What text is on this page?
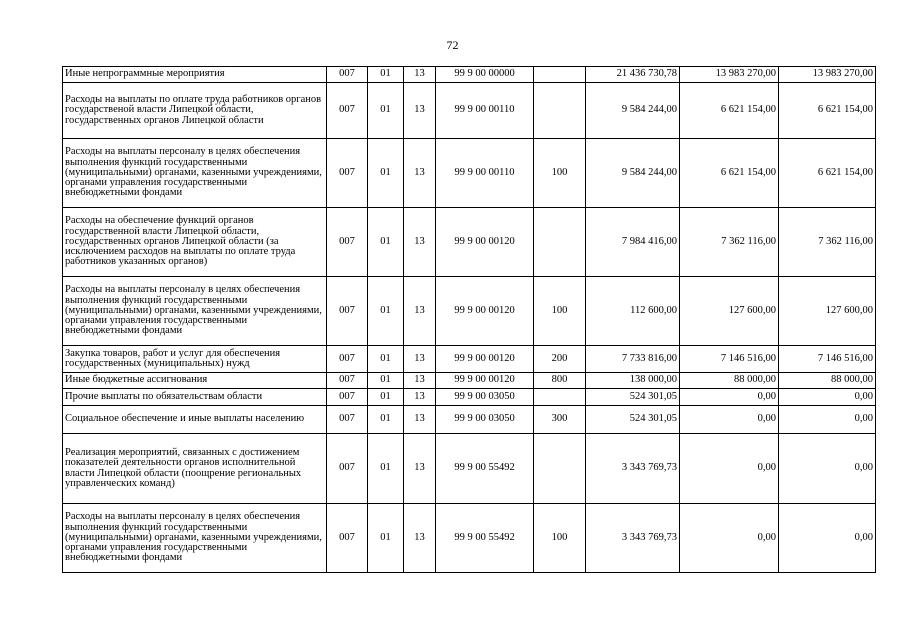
72
Иные непрограммные мероприятия	007	01	13	99 9 00 00000		21 436 730,78	13 983 270,00	13 983 270,00
Расходы на выплаты по оплате труда работников органов государственой власти Липецкой области, государственных органов Липецкой области	007	01	13	99 9 00 00110		9 584 244,00	6 621 154,00	6 621 154,00
Расходы на выплаты персоналу в целях обеспечения выполнения функций государственными (муниципальными) органами, казенными учреждениями, органами управления государственными внебюджетными фондами	007	01	13	99 9 00 00110	100	9 584 244,00	6 621 154,00	6 621 154,00
Расходы на обеспечение функций органов государственной власти Липецкой области, государственных органов Липецкой области (за исключением расходов на выплаты по оплате труда работников указанных органов)	007	01	13	99 9 00 00120		7 984 416,00	7 362 116,00	7 362 116,00
Расходы на выплаты персоналу в целях обеспечения выполнения функций государственными (муниципальными) органами, казенными учреждениями, органами управления государственными внебюджетными фондами	007	01	13	99 9 00 00120	100	112 600,00	127 600,00	127 600,00
Закупка товаров, работ и услуг для обеспечения государственных (муниципальных) нужд	007	01	13	99 9 00 00120	200	7 733 816,00	7 146 516,00	7 146 516,00
Иные бюджетные ассигнования	007	01	13	99 9 00 00120	800	138 000,00	88 000,00	88 000,00
Прочие выплаты по обязательствам области	007	01	13	99 9 00 03050		524 301,05	0,00	0,00
Социальное обеспечение и иные выплаты населению	007	01	13	99 9 00 03050	300	524 301,05	0,00	0,00
Реализация мероприятий, связанных с достижением показателей деятельности органов исполнительной власти Липецкой области (поощрение региональных управленческих команд)	007	01	13	99 9 00 55492		3 343 769,73	0,00	0,00
Расходы на выплаты персоналу в целях обеспечения выполнения функций государственными (муниципальными) органами, казенными учреждениями, органами управления государственными внебюджетными фондами	007	01	13	99 9 00 55492	100	3 343 769,73	0,00	0,00
